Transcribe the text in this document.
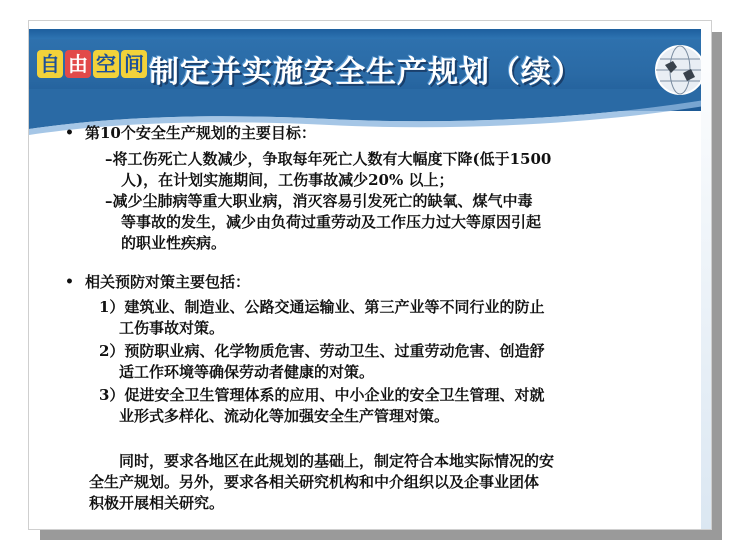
自 由 空 间 制定并实施安全生产规划（续）
• 第10个安全生产规划的主要目标：
–将工伤死亡人数减少，争取每年死亡人数有大幅度下降(低于1500
人)，在计划实施期间，工伤事故减少20% 以上；
–减少尘肺病等重大职业病，消灭容易引发死亡的缺氧、煤气中毒
等事故的发生，减少由负荷过重劳动及工作压力过大等原因引起
的职业性疾病。
• 相关预防对策主要包括：
1）建筑业、制造业、公路交通运输业、第三产业等不同行业的防止
工伤事故对策。
2）预防职业病、化学物质危害、劳动卫生、过重劳动危害、创造舒
适工作环境等确保劳动者健康的对策。
3）促进安全卫生管理体系的应用、中小企业的安全卫生管理、对就
业形式多样化、流动化等加强安全生产管理对策。
同时，要求各地区在此规划的基础上，制定符合本地实际情况的安
全生产规划。另外，要求各相关研究机构和中介组织以及企事业团体
积极开展相关研究。
